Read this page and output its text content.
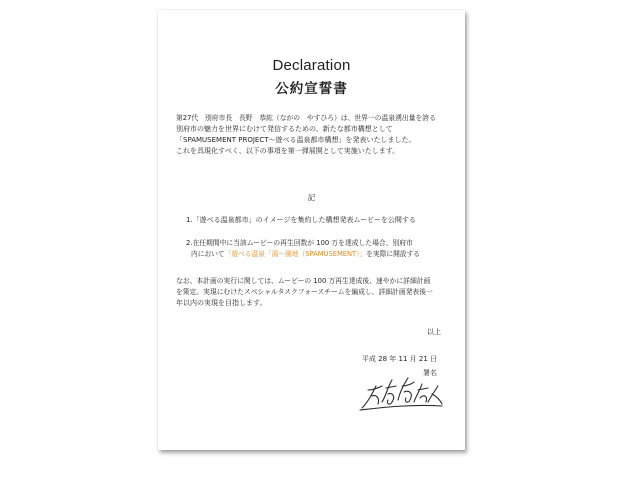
Declaration
公約宣誓書
第27代　別府市長　長野　恭紘（ながの　やすひろ）は、世界一の温泉湧出量を誇る
別府市の魅力を世界にむけて発信するための、新たな都市構想として
「SPAMUSEMENT PROJECT～遊べる温泉都市構想」を発表いたしました。
これを具現化すべく、以下の事項を第一弾展開として実施いたします。
記
1.「遊べる温泉都市」のイメージを集約した構想発表ムービーを公開する
2.在任期間中に当該ムービーの再生回数が 100 万を達成した場合、別府市
内において「遊べる温泉「湯～園地（SPAMUSEMENT）」を実際に開設する
なお、本計画の実行に関しては、ムービーの 100 万再生達成後、速やかに詳細計画
を策定。実現にむけたスペシャルタスクフォースチームを編成し、詳細計画発表後一
年以内の実現を目指します。
以上
平成 28 年 11 月 21 日
署名
